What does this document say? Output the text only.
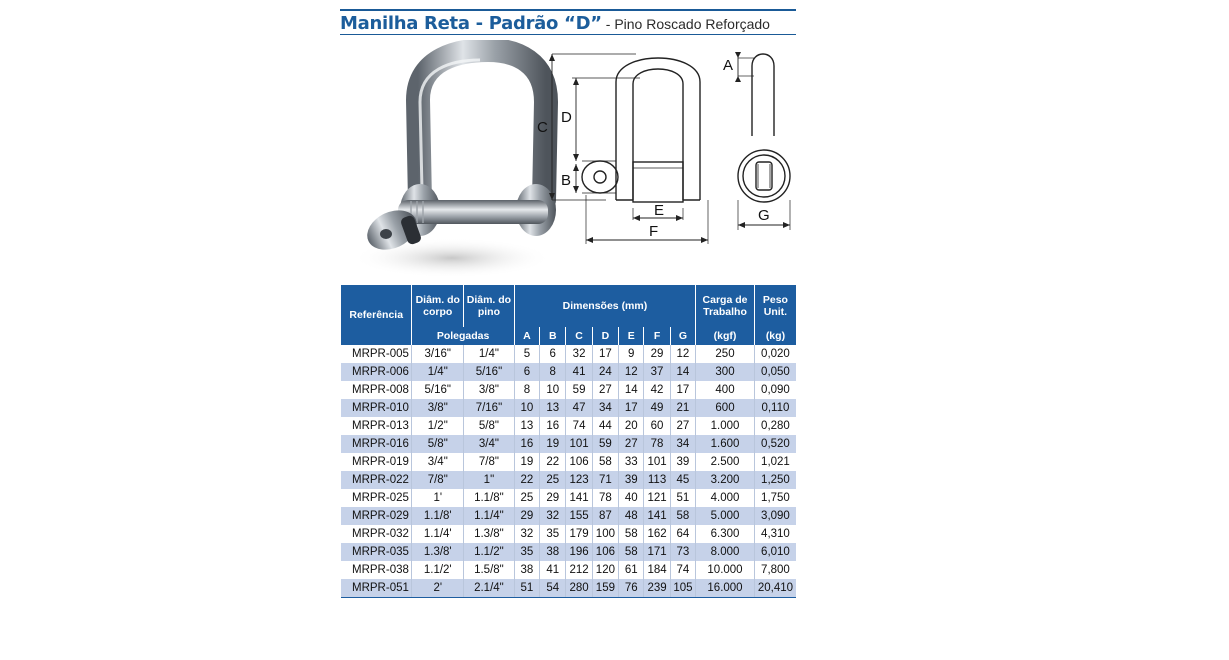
Manilha Reta - Padrão “D” - Pino Roscado Reforçado
C
D
B
E
F
A
G
Referência	Diâm. do corpo	Diâm. do pino	Dimensões (mm)							Carga de Trabalho	Peso Unit.
	Polegadas		A	B	C	D	E	F	G	(kgf)	(kg)
MRPR-005	3/16"	1/4"	5	6	32	17	9	29	12	250	0,020
MRPR-006	1/4"	5/16"	6	8	41	24	12	37	14	300	0,050
MRPR-008	5/16"	3/8"	8	10	59	27	14	42	17	400	0,090
MRPR-010	3/8"	7/16"	10	13	47	34	17	49	21	600	0,110
MRPR-013	1/2"	5/8"	13	16	74	44	20	60	27	1.000	0,280
MRPR-016	5/8"	3/4"	16	19	101	59	27	78	34	1.600	0,520
MRPR-019	3/4"	7/8"	19	22	106	58	33	101	39	2.500	1,021
MRPR-022	7/8"	1"	22	25	123	71	39	113	45	3.200	1,250
MRPR-025	1'	1.1/8"	25	29	141	78	40	121	51	4.000	1,750
MRPR-029	1.1/8'	1.1/4"	29	32	155	87	48	141	58	5.000	3,090
MRPR-032	1.1/4'	1.3/8"	32	35	179	100	58	162	64	6.300	4,310
MRPR-035	1.3/8'	1.1/2"	35	38	196	106	58	171	73	8.000	6,010
MRPR-038	1.1/2'	1.5/8"	38	41	212	120	61	184	74	10.000	7,800
MRPR-051	2'	2.1/4"	51	54	280	159	76	239	105	16.000	20,410
